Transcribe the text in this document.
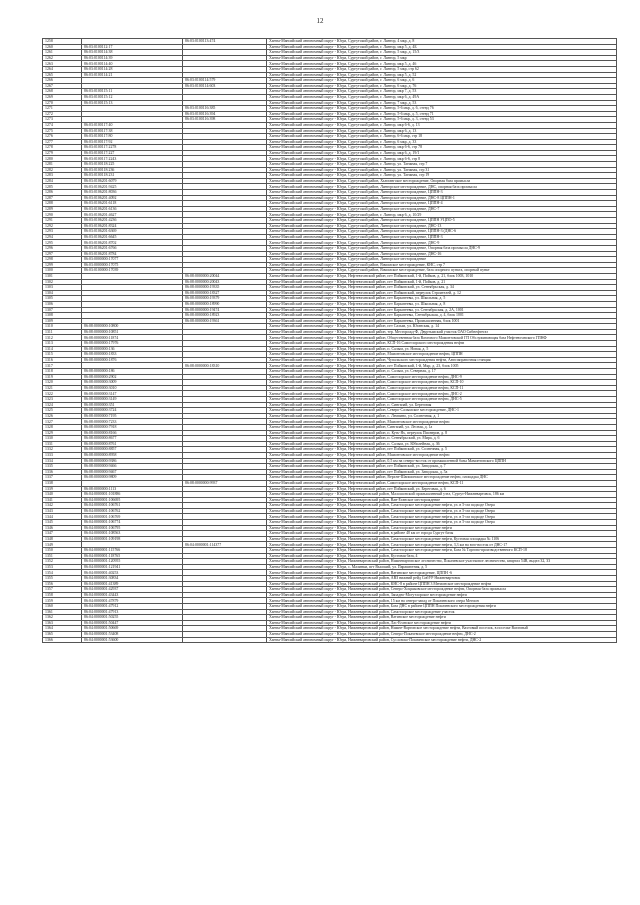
12
1258		86:03:0100113:474	Ханты-Мансийский автономный округ - Югра, Сургутский район, г. Лянтор, 4 мкр, д. 8
1260	86:03:0100112:17		Ханты-Мансийский автономный округ - Югра, Сургутский район, г. Лянтор, мкр 5, д. 4Б
1261	86:03:0100114:38		Ханты-Мансийский автономный округ - Югра, Сургутский район, г. Лянтор, 5 мкр, д. 15/3
1262	86:03:0100114:39		Ханты-Мансийский автономный округ - Югра, Сургутский район, г. Лянтор, 5 мкр
1263	86:03:0100114:40		Ханты-Мансийский автономный округ - Югра, Сургутский район, г. Лянтор, мкр 5, д. 46
1264	86:03:0100114:28		Ханты-Мансийский автономный округ - Югра, Сургутский район, г. Лянтор, 5 мкр, стр 62
1265	86:03:0100114:21		Ханты-Мансийский автономный округ - Югра, Сургутский район, г. Лянтор, мкр 5, д. 52
1266		86:03:0100114:579	Ханты-Мансийский автономный округ - Югра, Сургутский район, г. Лянтор, 6 мкр, д. 6
1267		86:03:0100114:603	Ханты-Мансийский автономный округ - Югра, Сургутский район, г. Лянтор, 6 мкр, д. 76
1268	86:03:0100115:11		Ханты-Мансийский автономный округ - Югра, Сургутский район, г. Лянтор, мкр 7, д. 53
1269	86:03:0100115:12		Ханты-Мансийский автономный округ - Югра, Сургутский район, г. Лянтор, мкр 6, д. 49А
1270	86:03:0100115:13		Ханты-Мансийский автономный округ - Югра, Сургутский район, г. Лянтор, 7 мкр, д. 53
1271		86:03:0100116:385	Ханты-Мансийский автономный округ - Югра, Сургутский район, г. Лянтор, 5-6 мкр, д. 6, стенд 76
1272		86:03:0100116:394	Ханты-Мансийский автономный округ - Югра, Сургутский район, г. Лянтор, 5-6 мкр, д. 5, стенд 71
1273		86:03:0100116:398	Ханты-Мансийский автономный округ - Югра, Сургутский район, г. Лянтор, 5-6 мкр, д. 3, стенд 53
1274	86:03:0100117:40		Ханты-Мансийский автономный округ - Югра, Сургутский район, г. Лянтор, мкр 6-6, д. 13
1275	86:03:0100117:38		Ханты-Мансийский автономный округ - Югра, Сургутский район, г. Лянтор, мкр 6, д. 13
1276	86:03:0100117:80		Ханты-Мансийский автономный округ - Югра, Сургутский район, г. Лянтор, 6-6 мкр, стр 18
1277	86:03:0100117:92		Ханты-Мансийский автономный округ - Югра, Сургутский район, г. Лянтор, 6 мкр, д. 33
1278	86:03:0100117:2278		Ханты-Мансийский автономный округ - Югра, Сургутский район, г. Лянтор, мкр 6-6, стр 78
1279	86:03:0100117:227		Ханты-Мансийский автономный округ - Югра, Сургутский район, г. Лянтор, мкр 6, д. 19/1
1280	86:03:0100117:2243		Ханты-Мансийский автономный округ - Югра, Сургутский район, г. Лянтор, мкр 6-6, стр 8
1281	86:03:0100118:225		Ханты-Мансийский автономный округ - Югра, Сургутский район, г. Лянтор, ул. Таежная, стр 7
1282	86:03:0100118:236		Ханты-Мансийский автономный округ - Югра, Сургутский район, г. Лянтор, ул. Таежная, стр 31
1283	86:03:0100118:231		Ханты-Мансийский автономный округ - Югра, Сургутский район, г. Лянтор, ул. Таежная, стр 19
1284	86:03:0106201:6079		Ханты-Мансийский автономный округ - Югра, Сургутский район, Хьюгангское месторождение, Опорная база промысла
1285	86:03:0106201:9425		Ханты-Мансийский автономный округ - Югра, Сургутский район, Лянторское месторождение, ДНС, опорная база промысла
1286	86:03:0106201:8036		Ханты-Мансийский автономный округ - Югра, Сургутский район, Лянторское месторождение, ЦППН-3
1287	86:03:0106201:4092		Ханты-Mансийский автономный округ - Югра, Сургутский район, Лянторское месторождение, ДНС-8 ЦППН-1
1288	86:03:0106201:6118		Ханты-Мансийский автономный округ - Югра, Сургутский район, Лянторское месторождение, ЦППН-4
1289	86:03:0106201:6136		Ханты-Мансийский автономный округ - Югра, Сургутский район, Лянторское месторождение, ДНС-7
1290	86:03:0106201:4627		Ханты-Мансийский автономный округ - Югра, Сургутский район, г. Лянтор, мкр 6, д. 10/29
1291	86:03:0106201:4236		Ханты-Мансийский автономный округ - Югра, Сургутский район, Лянторское месторождение, ЦППН УЦПО-5
1292	86:03:0106201:8324		Ханты-Мансийский автономный округ - Югра, Сургутский район, Лянторское месторождение, ДНС-13
1293	86:03:0106201:6369		Ханты-Мансийский автономный округ - Югра, Сургутский район, Лянторское месторождение, ЦППН-3 (ДНС-6
1294	86:03:0106201:6645		Ханты-Мансийский автономный округ - Югра, Сургутский район, Лянторское месторождение, ЦППН-3
1295	86:03:0106201:8702		Ханты-Мансийский автономный округ - Югра, Сургутский район, Лянторское месторождение, ДНС-9
1296	86:03:0106201:6766		Ханты-Мансийский автономный округ - Югра, Сургутский район, Лянторское месторождение, Опорная база промысла ДНС-9
1297	86:03:0106201:8784		Ханты-Мансийский автономный округ - Югра, Сургутский район, Лянторское месторождение, ДНС-16
1298	86:03:0000000:17077		Ханты-Мансийский автономный округ - Югра, Сургутский район, Лянторское месторождение
1299	86:03:0000000:17075		Ханты-Мансийский автономный округ - Югра, Сургутский район, Вачимское месторождение, КНС, стр 7
1300	86:03:0100000:17039		Ханты-Мансийский автономный округ - Югра, Сургутский район, Вачимское месторождение, база опорного пункта, опорный пункт
1301		86:08:0000000:20044	Ханты-Мансийский автономный округ - Югра, Нефтеюганский район, пгт Пойковский, 1-й, Пойков, д. 21, блок 1003, 1010
1302		86:08:0000000:20043	Ханты-Мансийский автономный округ - Югра, Нефтеюганский район, пгт Пойковский, 1-й, Пойков, д. 21
1303		86:08:0000000:19335	Ханты-Мансийский автономный округ - Югра, Нефтеюганский район, пгт Пойковский, ул. Сентябрьская, д. 34
1304		86:08:0000000:18327	Ханты-Мансийский автономный округ - Югра, Нефтеюганский район, пгт Пойковский, переулок Строителей, д. 12
1305		86:08:0000000:19379	Ханты-Мансийский автономный округ - Югра, Нефтеюганский район, пгт Каркатеевы, ул. Школьная, д. 5
1306		86:08:0000000:18990	Ханты-Мансийский автономный округ - Югра, Нефтеюганский район, пгт Каркатеевы, ул. Школьная, д. 8
1307		86:08:0000000:19474	Ханты-Мансийский автономный округ - Югра, Нефтеюганский район, пгт Каркатеевы, ул. Сентябрьская, д. 2А, 1001
1308		86:08:0000000:18923	Ханты-Мансийский автономный округ - Югра, Нефтеюганский район, пгт Каркатеевы, Сентябрьская, д. 4, блок 1001
1309		86:08:0000000:19361	Ханты-Мансийский автономный округ - Югра, Нефтеюганский район, пгт Каркатеевы, Промышленная, блок 1001
1310	86:08:0000000:10800		Ханты-Мансийский автономный округ - Югра, Нефтеюганский район, пгт Салым, ул. Юганская, д. 14
1311	86:08:0000000:10851		Ханты-Мансийский автономный округ - Югра, Нефтеюганский район, тер. Месторожд-Ф, Двуртымский участок ОАО Сибнефтегаз
1312	86:08:0000000:11874		Ханты-Мансийский автономный округ - Югра, Нефтеюганский район, Общественная база Вахтового Мамонтовской ГП Обслуживающая база Нефтеюганского ГПНФ
1313	86:08:0000000:17976		Ханты-Мансийский автономный округ - Югра, Нефтеюганский район, КСП-16 Самотлорского месторождения нефти
1314	86:08:0000000:136		Ханты-Мансийский автономный округ - Югра, Нефтеюганский район, п. Салым, ул. Новая, д. 5
1315	86:08:0000000:1833		Ханты-Мансийский автономный округ - Югра, Нефтеюганский район, Мамонтовское месторождение нефти, ЦППН
1316	86:08:0000000:1876		Ханты-Мансийский автономный округ - Югра, Нефтеюганский район, Чупальского месторождения нефти, Автозаправочная станция
1317		86:08:0000000:18310	Ханты-Мансийский автономный округ - Югра, Нефтеюганский район, пгт Пойковский, 1-й, Мкр, д. 23, блок 1005
1318	86:08:0000000:186		Ханты-Мансийский автономный округ - Югра, Нефтеюганский район, п. Салым, ул. Северная, д. 17
1319	86:08:0000000:2902		Ханты-Мансийский автономный округ - Югра, Нефтеюганский район, Самотлорское месторождение нефти, ДНС-9
1320	86:08:0000000:3009		Ханты-Мансийский автономный округ - Югра, Нефтеюганский район, Самотлорское месторождение нефти, КСП-10
1321	86:08:0000000:3010		Ханты-Мансийский автономный округ - Югра, Нефтеюганский район, Самотлорское месторождение нефти, КСП-11
1322	86:08:0000000:3147		Ханты-Мансийский автономный округ - Югра, Нефтеюганский район, Самотлорское месторождение нефти, ДНС-2
1323	86:08:0000000:3149		Ханты-Мансийский автономный округ - Югра, Нефтеюганский район, Самотлорское месторождение нефти, ДНС-5
1324	86:08:0000000:351		Ханты-Мансийский автономный округ - Югра, Нефтеюганский район, п. Сингапай, ул. Береговая
1325	86:08:0000000:3724		Ханты-Мансийский автономный округ - Югра, Нефтеюганский район, Северо-Салымское месторождение, ДНС-1
1326	86:08:0000000:7195		Ханты-Мансийский автономный округ - Югра, Нефтеюганский район, с. Лемпино, ул. Солнечная, д. 1
1327	86:08:0000000:7233		Ханты-Мансийский автономный округ - Югра, Нефтеюганский район, Мамонтовское месторождение нефти
1328	86:08:0000000:7918		Ханты-Мансийский автономный округ - Югра, Нефтеюганский район, Сингапай, ул. Лесная, д. 1а
1329	86:08:0000000:8166		Ханты-Мансийский автономный округ - Югра, Нефтеюганский район, п. Куть-Ях, переулок Пионеров, д. 8
1330	86:08:0000000:8677		Ханты-Мансийский автономный округ - Югра, Нефтеюганский район, п. Сентябрьский, ул. Мира, д. 6
1331	86:08:0000000:8761		Ханты-Мансийский автономный округ - Югра, Нефтеюганский район, п. Салым, ул. Юбилейная, д. 36
1332	86:08:0000000:8857		Ханты-Мансийский автономный округ - Югра, Нефтеюганский район, пгт Пойковский, ул. Солнечная, д. 5
1333	86:08:0000000:8958		Ханты-Мансийский автономный округ - Югра, Нефтеюганский район, Мамонтовское месторождение нефти
1334	86:08:0000000:9386		Ханты-Мансийский автономный округ - Югра, Нефтеюганский район, 0,5 км на северо-восток от промышленной базы Мамонтовского ЦППН
1335	86:08:0000000:9466		Ханты-Мансийский автономный округ - Югра, Нефтеюганский район, пгт Пойковский, ул. Заводская, д. 7
1336	86:08:0000000:9467		Ханты-Мансийский автономный округ - Югра, Нефтеюганский район, пгт Пойковский, ул. Заводская, д. 5а
1337	86:08:0000000:9809		Ханты-Мансийский автономный округ - Югра, Нефтеюганский район, Верхне-Шапшинское месторождение нефти, площадка ДНС
1338		86:08:0000000:9937	Ханты-Мансийский автономный округ - Югра, Нефтеюганский район, Самотлорское месторождение нефти, КСП-11
1339	86:08:0000000:1113		Ханты-Мансийский автономный округ - Югра, Нефтеюганский район, пгт Пойковский, ул. Береговая, д. 6
1340	86:04:0000001:101886		Ханты-Мансийский автономный округ - Югра, Нижневартовский район, Малошонский промышленный узел, Сургут-Нижневартовск, 186 км
1341	86:04:0000001:106695		Ханты-Мансийский автономный округ - Югра, Нижневартовский район, Ван-Еганское месторождение
1342	86:04:0000001:106761		Ханты-Мансийский автономный округ - Югра, Нижневартовский район, Самотлорское месторождение нефти, ул. в 5-ом подходе Озера
1343	86:04:0000001:106762		Ханты-Мансийский автономный округ - Югра, Нижневартовский район, Самотлорское месторождение нефти, ул. в 5-ом подходе Озера
1344	86:04:0000001:106769		Ханты-Мансийский автономный округ - Югра, Нижневартовский район, Самотлорское месторождение нефти, ул. в 5-ом подходе Озера
1345	86:04:0000001:106774		Ханты-Мансийский автономный округ - Югра, Нижневартовский район, Самотлорское месторождение нефти, ул. в 5-ом подходе Озера
1346	86:04:0000001:106795		Ханты-Мансийский автономный округ - Югра, Нижневартовский район, Самотлорское месторождение нефти
1347	86:04:0000001:108563		Ханты-Мансийский автономный округ - Югра, Нижневартовский район, в районе 40 км от города Сургут базы
1348	86:04:0000001:109198		Ханты-Мансийский автономный округ - Югра, Нижневартовский район, Самотлорское месторождение нефти, Кустовая площадка № 1106
1349		86:04:0000001:114377	Ханты-Мансийский автономный округ - Югра, Нижневартовский район, Самотлорское месторождение нефти, 3,3 км на юго-восток от ДНС-17
1350	86:04:0000001:115766		Ханты-Мансийский автономный округ - Югра, Нижневартовский район, Самотлорское месторождение нефти, База № Торгово-производственного КСП-18
1351	86:04:0000001:118765		Ханты-Мансийский автономный округ - Югра, Нижневартовский район, Кустовая база, 4
1352	86:04:0000001:120955		Ханты-Мансийский автономный округ - Югра, Нижневартовский район, Нижневартовское лесничество, Покачевское участковое лесничество, квартал 54В, выдел 32, 33
1353	86:04:0000001:121941		Ханты-Мансийский автономный округ - Югра, с. Малинки, пгт Высокий, ул. Парашютная, д. 5
1354	86:04:0000001:40253		Ханты-Мансийский автономный округ - Югра, Нижневартовский район, Ватинское месторождение, ЦППН -6
1355	86:04:0000001:30834		Ханты-Мансийский автономный округ - Югра, Нижневартовский район, АВЗ нижний рейд СибУР Нижневартовск
1356	86:04:0000001:41389		Ханты-Мансийский автономный округ - Югра, Нижневартовский район, КНС-8 в районе ЦППН 3 Мегионское месторождение нефти
1357	86:04:0000001:42937		Ханты-Мансийский автономный округ - Югра, Нижневартовский район, Северо-Хохряковское месторождение нефти, Опорная база промысла
1358	86:04:0000001:43443		Ханты-Мансийский автономный округ - Югра, Нижневартовский район, Западно-Могутлорское месторождение нефти
1359	86:04:0000001:47879		Ханты-Мансийский автономный округ - Югра, Нижневартовский район, 15 км на северо-запад от Покачевского озера Мегион
1360	86:04:0000001:47912		Ханты-Мансийский автономный округ - Югра, Нижневартовский район, База ДНС в районе ЦППН Покачевского месторождения нефти
1361	86:04:0000001:47913		Ханты-Мансийский автономный округ - Югра, Нижневартовский район, Самотлорское месторождение участок
1362	86:04:0000001:50255		Ханты-Мансийский автономный округ - Югра, Нижневартовский район, Ватинское месторождение нефти
1363	86:04:0000001:50447		Ханты-Мансийский автономный округ - Югра, Нижневартовский район, Лас-Еганское месторождение нефти
1364	86:04:0000001:50669		Ханты-Мансийский автономный округ - Югра, Нижневартовский район, Нижне-Вартовское месторождение нефти, Вахтовый поселок, в поселке Вахтовый
1365	86:04:0000001:53408		Ханты-Мансийский автономный округ - Югра, Нижневартовский район, Северо-Покачевское месторождение нефти, ДНС-2
1366	86:04:0000001:53600		Ханты-Мансийский автономный округ - Югра, Нижневартовский район, Сусловско-Покачевское месторождение нефти, ДНС-2
